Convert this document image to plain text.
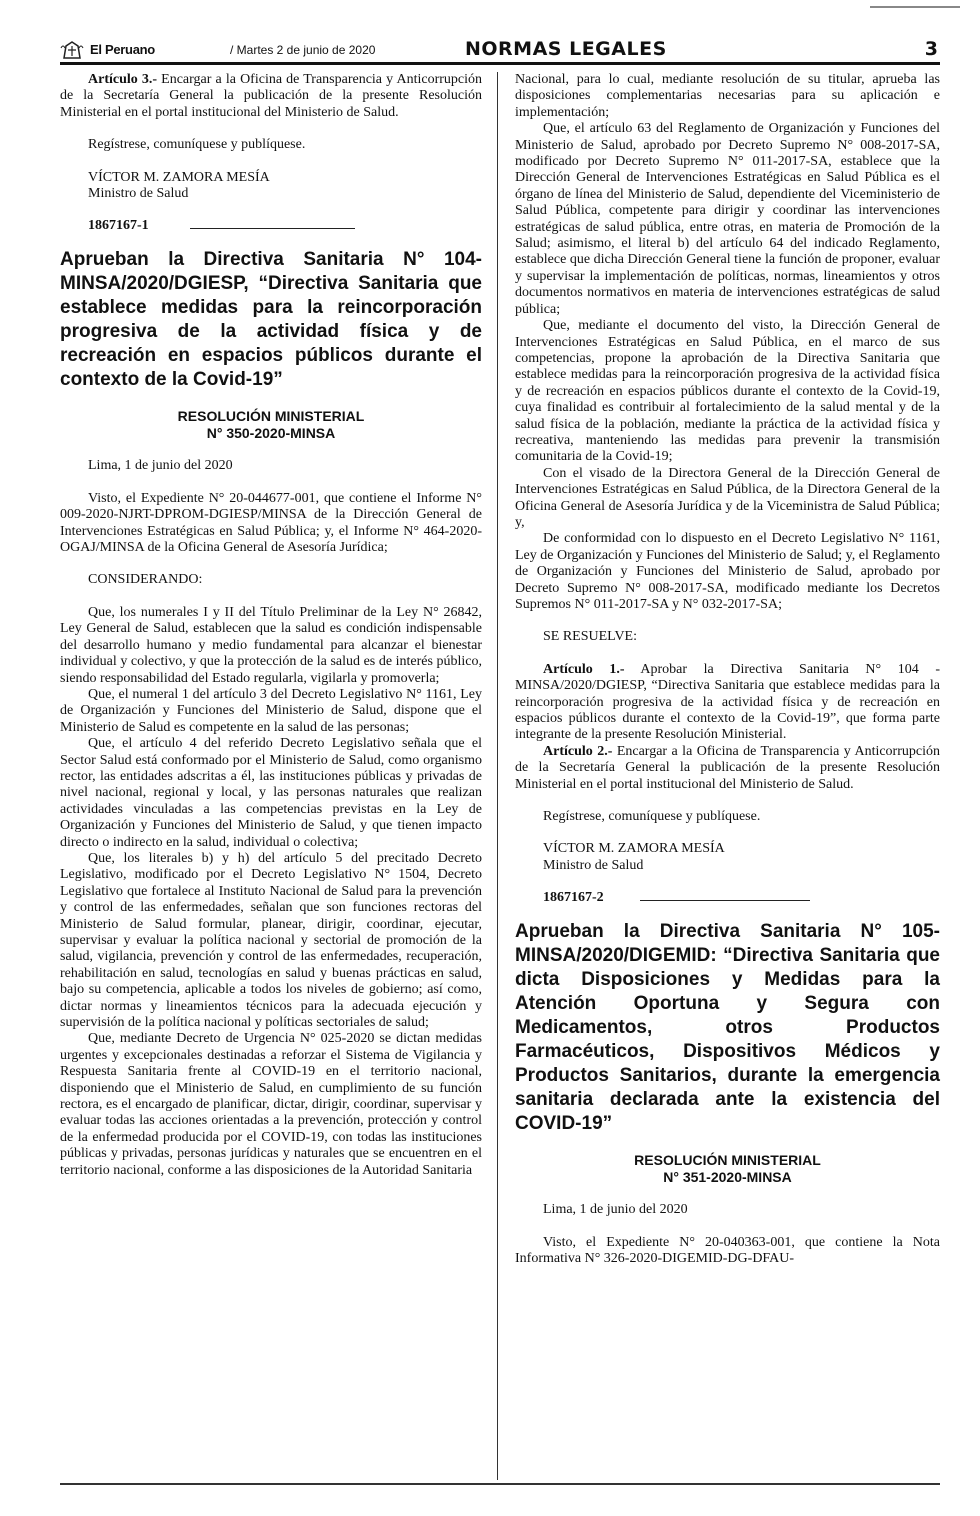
El Peruano	/ Martes 2 de junio de 2020	NORMAS LEGALES	3

Artículo 3.- Encargar a la Oficina de Transparencia y Anticorrupción de la Secretaría General la publicación de la presente Resolución Ministerial en el portal institucional del Ministerio de Salud.

Regístrese, comuníquese y publíquese.

VÍCTOR M. ZAMORA MESÍA

Ministro de Salud

1867167-1

Aprueban la Directiva Sanitaria N° 104-MINSA/2020/DGIESP, “Directiva Sanitaria que establece medidas para la reincorporación progresiva de la actividad física y de recreación en espacios públicos durante el contexto de la Covid-19”

RESOLUCIÓN MINISTERIAL
N° 350-2020-MINSA

Lima, 1 de junio del 2020

Visto, el Expediente N° 20-044677-001, que contiene el Informe N° 009-2020-NJRT-DPROM-DGIESP/MINSA de la Dirección General de Intervenciones Estratégicas en Salud Pública; y, el Informe N° 464-2020-OGAJ/MINSA de la Oficina General de Asesoría Jurídica;

CONSIDERANDO:

Que, los numerales I y II del Título Preliminar de la Ley N° 26842, Ley General de Salud, establecen que la salud es condición indispensable del desarrollo humano y medio fundamental para alcanzar el bienestar individual y colectivo, y que la protección de la salud es de interés público, siendo responsabilidad del Estado regularla, vigilarla y promoverla;

Que, el numeral 1 del artículo 3 del Decreto Legislativo N° 1161, Ley de Organización y Funciones del Ministerio de Salud, dispone que el Ministerio de Salud es competente en la salud de las personas;

Que, el artículo 4 del referido Decreto Legislativo señala que el Sector Salud está conformado por el Ministerio de Salud, como organismo rector, las entidades adscritas a él, las instituciones públicas y privadas de nivel nacional, regional y local, y las personas naturales que realizan actividades vinculadas a las competencias previstas en la Ley de Organización y Funciones del Ministerio de Salud, y que tienen impacto directo o indirecto en la salud, individual o colectiva;

Que, los literales b) y h) del artículo 5 del precitado Decreto Legislativo, modificado por el Decreto Legislativo N° 1504, Decreto Legislativo que fortalece al Instituto Nacional de Salud para la prevención y control de las enfermedades, señalan que son funciones rectoras del Ministerio de Salud formular, planear, dirigir, coordinar, ejecutar, supervisar y evaluar la política nacional y sectorial de promoción de la salud, vigilancia, prevención y control de las enfermedades, recuperación, rehabilitación en salud, tecnologías en salud y buenas prácticas en salud, bajo su competencia, aplicable a todos los niveles de gobierno; así como, dictar normas y lineamientos técnicos para la adecuada ejecución y supervisión de la política nacional y políticas sectoriales de salud;

Que, mediante Decreto de Urgencia N° 025-2020 se dictan medidas urgentes y excepcionales destinadas a reforzar el Sistema de Vigilancia y Respuesta Sanitaria frente al COVID-19 en el territorio nacional, disponiendo que el Ministerio de Salud, en cumplimiento de su función rectora, es el encargado de planificar, dictar, dirigir, coordinar, supervisar y evaluar todas las acciones orientadas a la prevención, protección y control de la enfermedad producida por el COVID-19, con todas las instituciones públicas y privadas, personas jurídicas y naturales que se encuentren en el territorio nacional, conforme a las disposiciones de la Autoridad Sanitaria

Nacional, para lo cual, mediante resolución de su titular, aprueba las disposiciones complementarias necesarias para su aplicación e implementación;

Que, el artículo 63 del Reglamento de Organización y Funciones del Ministerio de Salud, aprobado por Decreto Supremo N° 008-2017-SA, modificado por Decreto Supremo N° 011-2017-SA, establece que la Dirección General de Intervenciones Estratégicas en Salud Pública es el órgano de línea del Ministerio de Salud, dependiente del Viceministerio de Salud Pública, competente para dirigir y coordinar las intervenciones estratégicas de salud pública, entre otras, en materia de Promoción de la Salud; asimismo, el literal b) del artículo 64 del indicado Reglamento, establece que dicha Dirección General tiene la función de proponer, evaluar y supervisar la implementación de políticas, normas, lineamientos y otros documentos normativos en materia de intervenciones estratégicas de salud pública;

Que, mediante el documento del visto, la Dirección General de Intervenciones Estratégicas en Salud Pública, en el marco de sus competencias, propone la aprobación de la Directiva Sanitaria que establece medidas para la reincorporación progresiva de la actividad física y de recreación en espacios públicos durante el contexto de la Covid-19, cuya finalidad es contribuir al fortalecimiento de la salud mental y de la salud física de la población, mediante la práctica de la actividad física y recreativa, manteniendo las medidas para prevenir la transmisión comunitaria de la Covid-19;

Con el visado de la Directora General de la Dirección General de Intervenciones Estratégicas en Salud Pública, de la Directora General de la Oficina General de Asesoría Jurídica y de la Viceministra de Salud Pública; y,

De conformidad con lo dispuesto en el Decreto Legislativo N° 1161, Ley de Organización y Funciones del Ministerio de Salud; y, el Reglamento de Organización y Funciones del Ministerio de Salud, aprobado por Decreto Supremo N° 008-2017-SA, modificado mediante los Decretos Supremos N° 011-2017-SA y N° 032-2017-SA;

SE RESUELVE:

Artículo 1.- Aprobar la Directiva Sanitaria N° 104 -MINSA/2020/DGIESP, “Directiva Sanitaria que establece medidas para la reincorporación progresiva de la actividad física y de recreación en espacios públicos durante el contexto de la Covid-19”, que forma parte integrante de la presente Resolución Ministerial.

Artículo 2.- Encargar a la Oficina de Transparencia y Anticorrupción de la Secretaría General la publicación de la presente Resolución Ministerial en el portal institucional del Ministerio de Salud.

Regístrese, comuníquese y publíquese.

VÍCTOR M. ZAMORA MESÍA

Ministro de Salud

1867167-2

Aprueban la Directiva Sanitaria N° 105-MINSA/2020/DIGEMID: “Directiva Sanitaria que dicta Disposiciones y Medidas para la Atención Oportuna y Segura con Medicamentos, otros Productos Farmacéuticos, Dispositivos Médicos y Productos Sanitarios, durante la emergencia sanitaria declarada ante la existencia del COVID-19”

RESOLUCIÓN MINISTERIAL
N° 351-2020-MINSA

Lima, 1 de junio del 2020

Visto, el Expediente N° 20-040363-001, que contiene la Nota Informativa N° 326-2020-DIGEMID-DG-DFAU-
